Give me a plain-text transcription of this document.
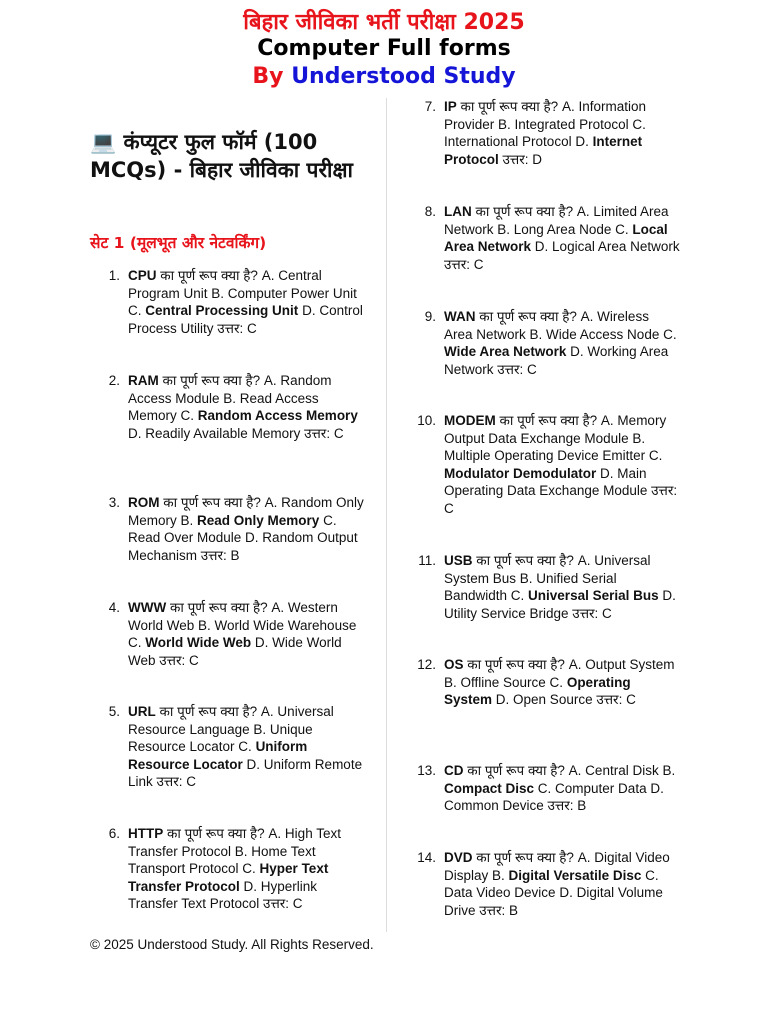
बिहार जीविका भर्ती परीक्षा 2025
Computer Full forms
By Understood Study
💻 कंप्यूटर फुल फॉर्म (100 MCQs) - बिहार जीविका परीक्षा
सेट 1 (मूलभूत और नेटवर्किंग)
1. CPU का पूर्ण रूप क्या है? A. Central Program Unit B. Computer Power Unit C. Central Processing Unit D. Control Process Utility उत्तर: C
2. RAM का पूर्ण रूप क्या है? A. Random Access Module B. Read Access Memory C. Random Access Memory D. Readily Available Memory उत्तर: C
3. ROM का पूर्ण रूप क्या है? A. Random Only Memory B. Read Only Memory C. Read Over Module D. Random Output Mechanism उत्तर: B
4. WWW का पूर्ण रूप क्या है? A. Western World Web B. World Wide Warehouse C. World Wide Web D. Wide World Web उत्तर: C
5. URL का पूर्ण रूप क्या है? A. Universal Resource Language B. Unique Resource Locator C. Uniform Resource Locator D. Uniform Remote Link उत्तर: C
6. HTTP का पूर्ण रूप क्या है? A. High Text Transfer Protocol B. Home Text Transport Protocol C. Hyper Text Transfer Protocol D. Hyperlink Transfer Text Protocol उत्तर: C
7. IP का पूर्ण रूप क्या है? A. Information Provider B. Integrated Protocol C. International Protocol D. Internet Protocol उत्तर: D
8. LAN का पूर्ण रूप क्या है? A. Limited Area Network B. Long Area Node C. Local Area Network D. Logical Area Network उत्तर: C
9. WAN का पूर्ण रूप क्या है? A. Wireless Area Network B. Wide Access Node C. Wide Area Network D. Working Area Network उत्तर: C
10. MODEM का पूर्ण रूप क्या है? A. Memory Output Data Exchange Module B. Multiple Operating Device Emitter C. Modulator Demodulator D. Main Operating Data Exchange Module उत्तर: C
11. USB का पूर्ण रूप क्या है? A. Universal System Bus B. Unified Serial Bandwidth C. Universal Serial Bus D. Utility Service Bridge उत्तर: C
12. OS का पूर्ण रूप क्या है? A. Output System B. Offline Source C. Operating System D. Open Source उत्तर: C
13. CD का पूर्ण रूप क्या है? A. Central Disk B. Compact Disc C. Computer Data D. Common Device उत्तर: B
14. DVD का पूर्ण रूप क्या है? A. Digital Video Display B. Digital Versatile Disc C. Data Video Device D. Digital Volume Drive उत्तर: B
© 2025 Understood Study. All Rights Reserved.
